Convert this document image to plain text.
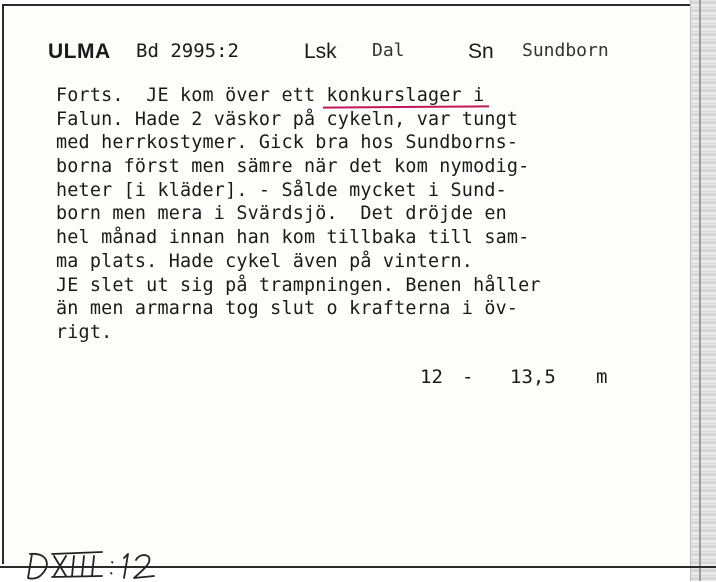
ULMA Bd 2995:2	Lsk Dal	Sn Sundborn
Forts.  JE kom över ett konkurslager i
Falun. Hade 2 väskor på cykeln, var tungt
med herrkostymer. Gick bra hos Sundborns-
borna först men sämre när det kom nymodig-
heter [i kläder]. - Sålde mycket i Sund-
born men mera i Svärdsjö.  Det dröjde en
hel månad innan han kom tillbaka till sam-
ma plats. Hade cykel även på vintern.
JE slet ut sig på trampningen. Benen håller
än men armarna tog slut o krafterna i öv-
rigt.
12 - 13,5 m
